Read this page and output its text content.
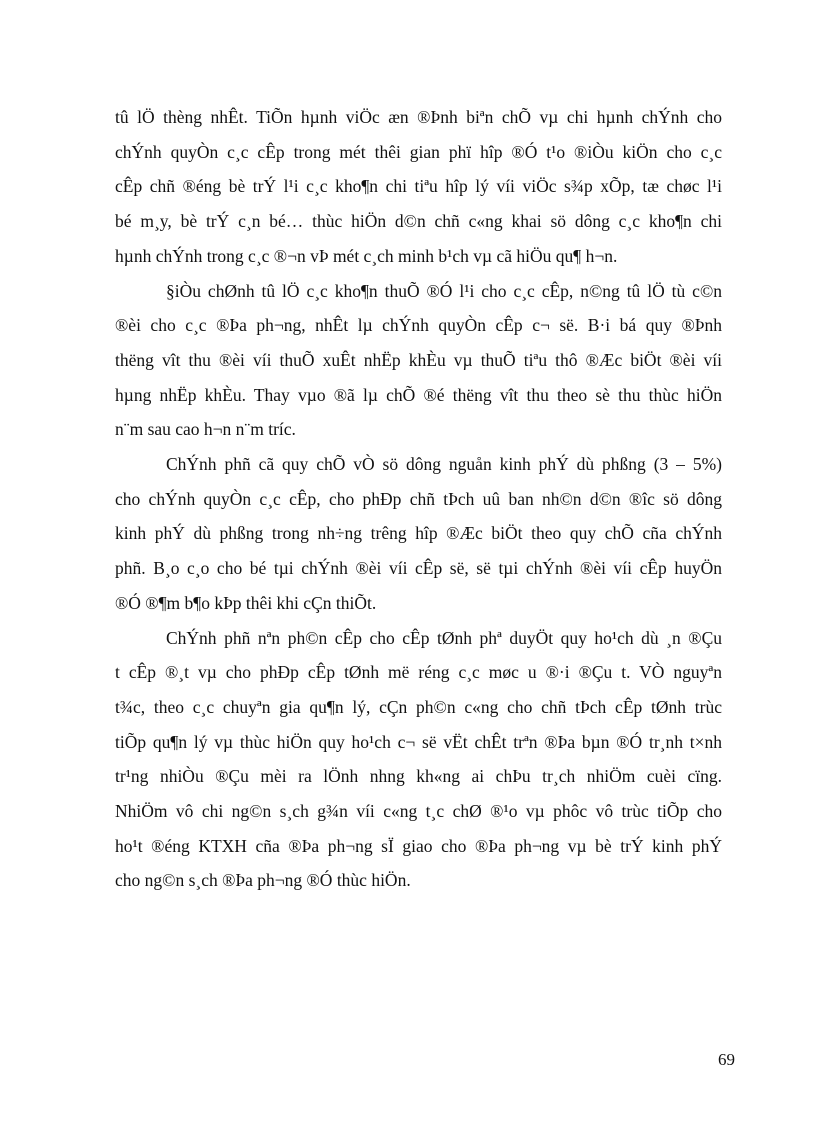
tû lÖ thèng nhÊt. TiÕn hµnh viÖc æn ®Þnh biªn chÕ vµ chi hµnh chÝnh cho
chÝnh quyÒn c¸c cÊp trong mét thêi gian phï hîp ®Ó t¹o ®iÒu kiÖn cho c¸c
cÊp chñ ®éng bè trÝ l¹i c¸c kho¶n chi tiªu hîp lý víi viÖc s¾p xÕp, tæ chøc l¹i
bé m¸y, bè trÝ c¸n bé… thùc hiÖn d©n chñ c«ng khai sö dông c¸c kho¶n chi
hµnh chÝnh trong c¸c ®¬n vÞ mét c¸ch minh b¹ch vµ cã hiÖu qu¶ h¬n.

§iÒu chØnh tû lÖ c¸c kho¶n thuÕ ®Ó l¹i cho c¸c cÊp, n©ng tû lÖ tù c©n
®èi cho c¸c ®Þa ph¬ng, nhÊt lµ chÝnh quyÒn cÊp c¬ së. B·i bá quy ®Þnh
thëng vît thu ®èi víi thuÕ xuÊt nhËp khÈu vµ thuÕ tiªu thô ®Æc biÖt ®èi víi
hµng nhËp khÈu. Thay vµo ®ã lµ chÕ ®é thëng vît thu theo sè thu thùc hiÖn
n¨m sau cao h¬n n¨m tríc.

ChÝnh phñ cã quy chÕ vÒ sö dông nguån kinh phÝ dù phßng (3 – 5%)
cho chÝnh quyÒn c¸c cÊp, cho phÐp chñ tÞch uû ban nh©n d©n ®îc sö dông
kinh phÝ dù phßng trong nh÷ng trêng hîp ®Æc biÖt theo quy chÕ cña chÝnh
phñ. B¸o c¸o cho bé tµi chÝnh ®èi víi cÊp së, së tµi chÝnh ®èi víi cÊp huyÖn
®Ó ®¶m b¶o kÞp thêi khi cÇn thiÕt.

ChÝnh phñ nªn ph©n cÊp cho cÊp tØnh phª duyÖt quy ho¹ch dù ¸n ®Çu
t cÊp ®¸t vµ cho phÐp cÊp tØnh më réng c¸c møc u ®·i ®Çu t. VÒ nguyªn
t¾c, theo c¸c chuyªn gia qu¶n lý, cÇn ph©n c«ng cho chñ tÞch cÊp tØnh trùc
tiÕp qu¶n lý vµ thùc hiÖn quy ho¹ch c¬ së vËt chÊt trªn ®Þa bµn ®Ó tr¸nh t×nh
tr¹ng nhiÒu ®Çu mèi ra lÖnh nhng kh«ng ai chÞu tr¸ch nhiÖm cuèi cïng.
NhiÖm vô chi ng©n s¸ch g¾n víi c«ng t¸c chØ ®¹o vµ phôc vô trùc tiÕp cho
ho¹t ®éng KTXH cña ®Þa ph¬ng sÏ giao cho ®Þa ph¬ng vµ bè trÝ kinh phÝ
cho ng©n s¸ch ®Þa ph¬ng ®Ó thùc hiÖn.

69
